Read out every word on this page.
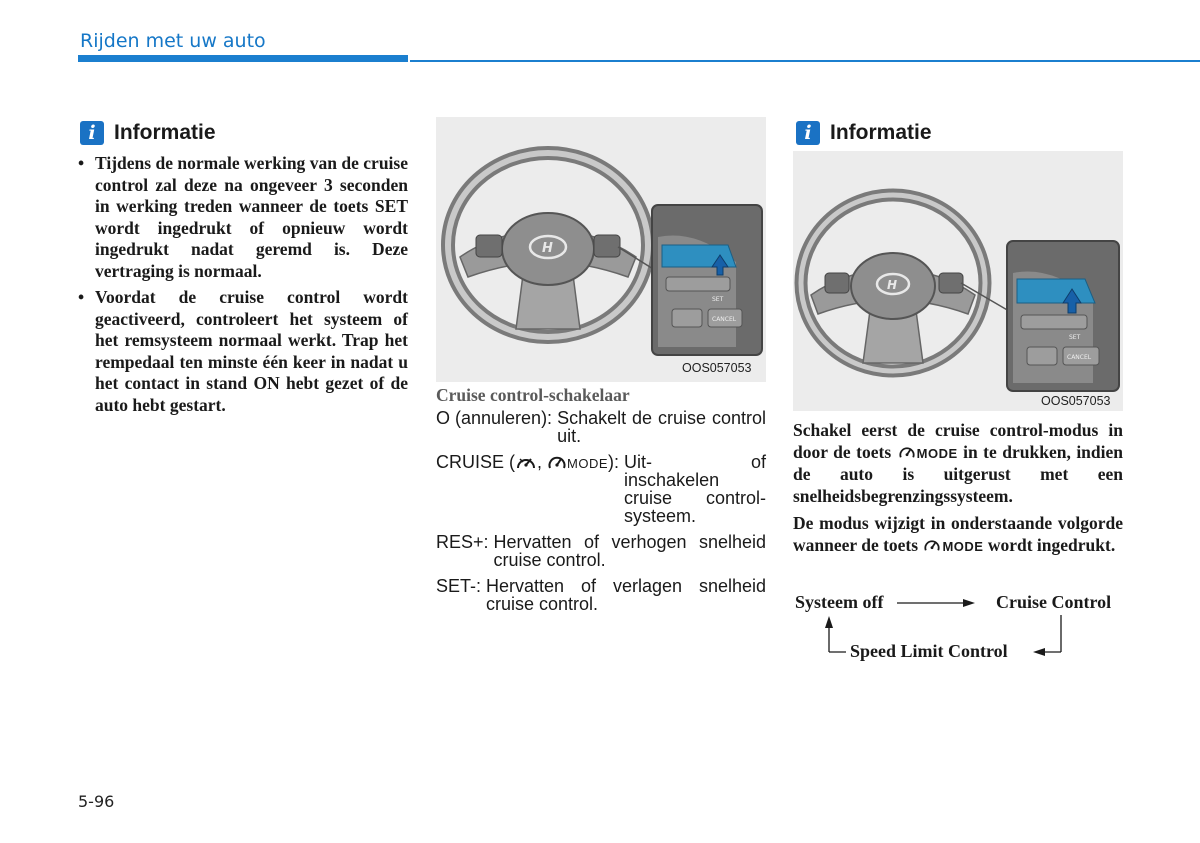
Rijden met uw auto
i Informatie
• Tijdens de normale werking van de cruise control zal deze na ongeveer 3 seconden in werking treden wanneer de toets SET wordt ingedrukt of opnieuw wordt ingedrukt nadat geremd is. Deze vertraging is normaal.
• Voordat de cruise control wordt geactiveerd, controleert het systeem of het remsysteem normaal werkt. Trap het rempedaal ten minste één keer in nadat u het contact in stand ON hebt gezet of de auto hebt gestart.
H
SET
CANCEL
OOS057053
Cruise control-schakelaar
O (annuleren): Schakelt de cruise control uit.
CRUISE ( , MODE): Uit- of inschakelen cruise control-systeem.
RES+: Hervatten of verhogen snelheid cruise control.
SET-: Hervatten of verlagen snelheid cruise control.
i Informatie
H
SET
CANCEL
OOS057053
Schakel eerst de cruise control-modus in door de toets MODE in te drukken, indien de auto is uitgerust met een snelheidsbegrenzingssysteem.
De modus wijzigt in onderstaande volgorde wanneer de toets MODE wordt ingedrukt.
Systeem off	Cruise Control
Speed Limit Control
5-96
